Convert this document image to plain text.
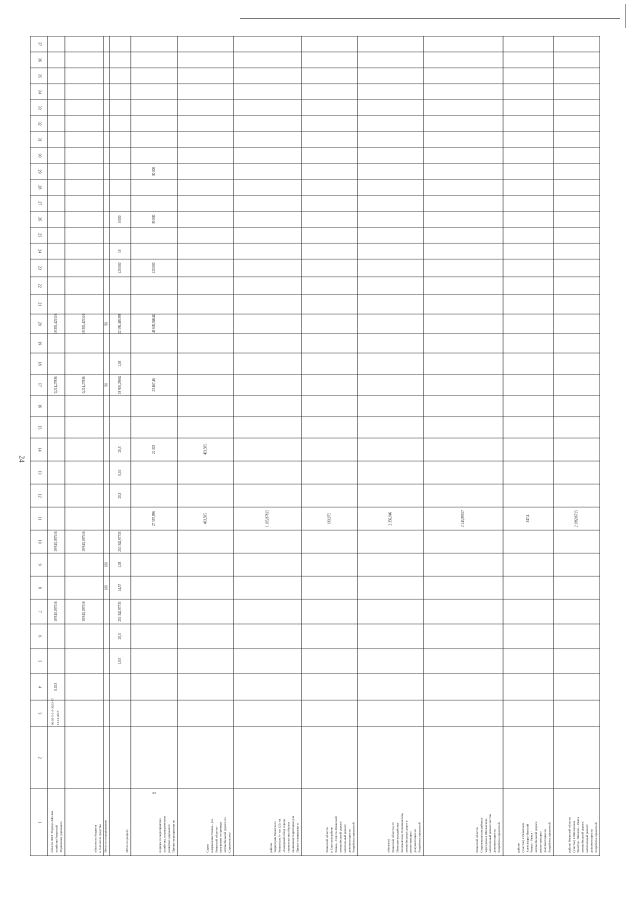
24
37
36
35
34
33
32
31
30
29
28
27
26
25
24
23
22
21
20
19
18
17
16
15
14
13
12
11
10
9
8
7
6
5
4
3
2
1	Управление дорожного
хозяйства Рязанской
области ФКУ Упрдор «Москва
12.12.2017
06.03-5-1-3-3023-17
0.013
18 943,187516
18 943,187516
0,214,27836
18 305,425516
в том числе средства
областного бюджета
18 943,187516
18 943,187516
0,214,27836
18 305,425516
Итого по подпрограмме
100
100
90
90
Итого по разделу
1,03
20,3
210 342,87735
14,37
1,03
210 342,87735
20,3
0,10
20,3
18 905,29662
1,03
22 590,485398
120 000
13
0 000
Прочие мероприятия по
развитию дорожного
хозяйства, в приоритетном
порядке по мероприятию
25
27 597,896
21 323
23 467,46
43 630,84644
120 000
30 000
30 000
Строительство
автомобильной дороги по
программе от границы
Рязанской области -
направление Рязань - р.п.
Сараи
403,505
403,505
Проект планировки и
межевания территории для
строительства объекта
«Северный обход города
Рязани (км 0 - км 12)» на
территории Рязанского
района
1 105,87815
Разработка проектной
документации на
капитальный ремонт
автомобильной дороги
Рязань - Спасск-Рязанский
в Спасском районе
Рязанской области
183,975
Разработка проектной
документации на
реконструкцию
автомобильных дорог в
Касимовском, Клепиковском,
Пителинском районах
Рязанской области (13
объектов)
2 356,946
Разработка проектной
документации на
капитальный ремонт мостов
через реки в Шиловском,
Старожиловском районах
Рязанской области
2 145,88557
Разработка проектной
документации на
реконструкцию
автомобильной дороги
Рязань - Ряжск -
Александро-Невский
(участок) в Рязанском
районе
347,4
Разработка проектной
документации на
капитальный ремонт
автомобильной дороги
Ерахтур - Шилово - Ряжск
(участок) в Шиловском
районе Рязанской области
2 186,96715
